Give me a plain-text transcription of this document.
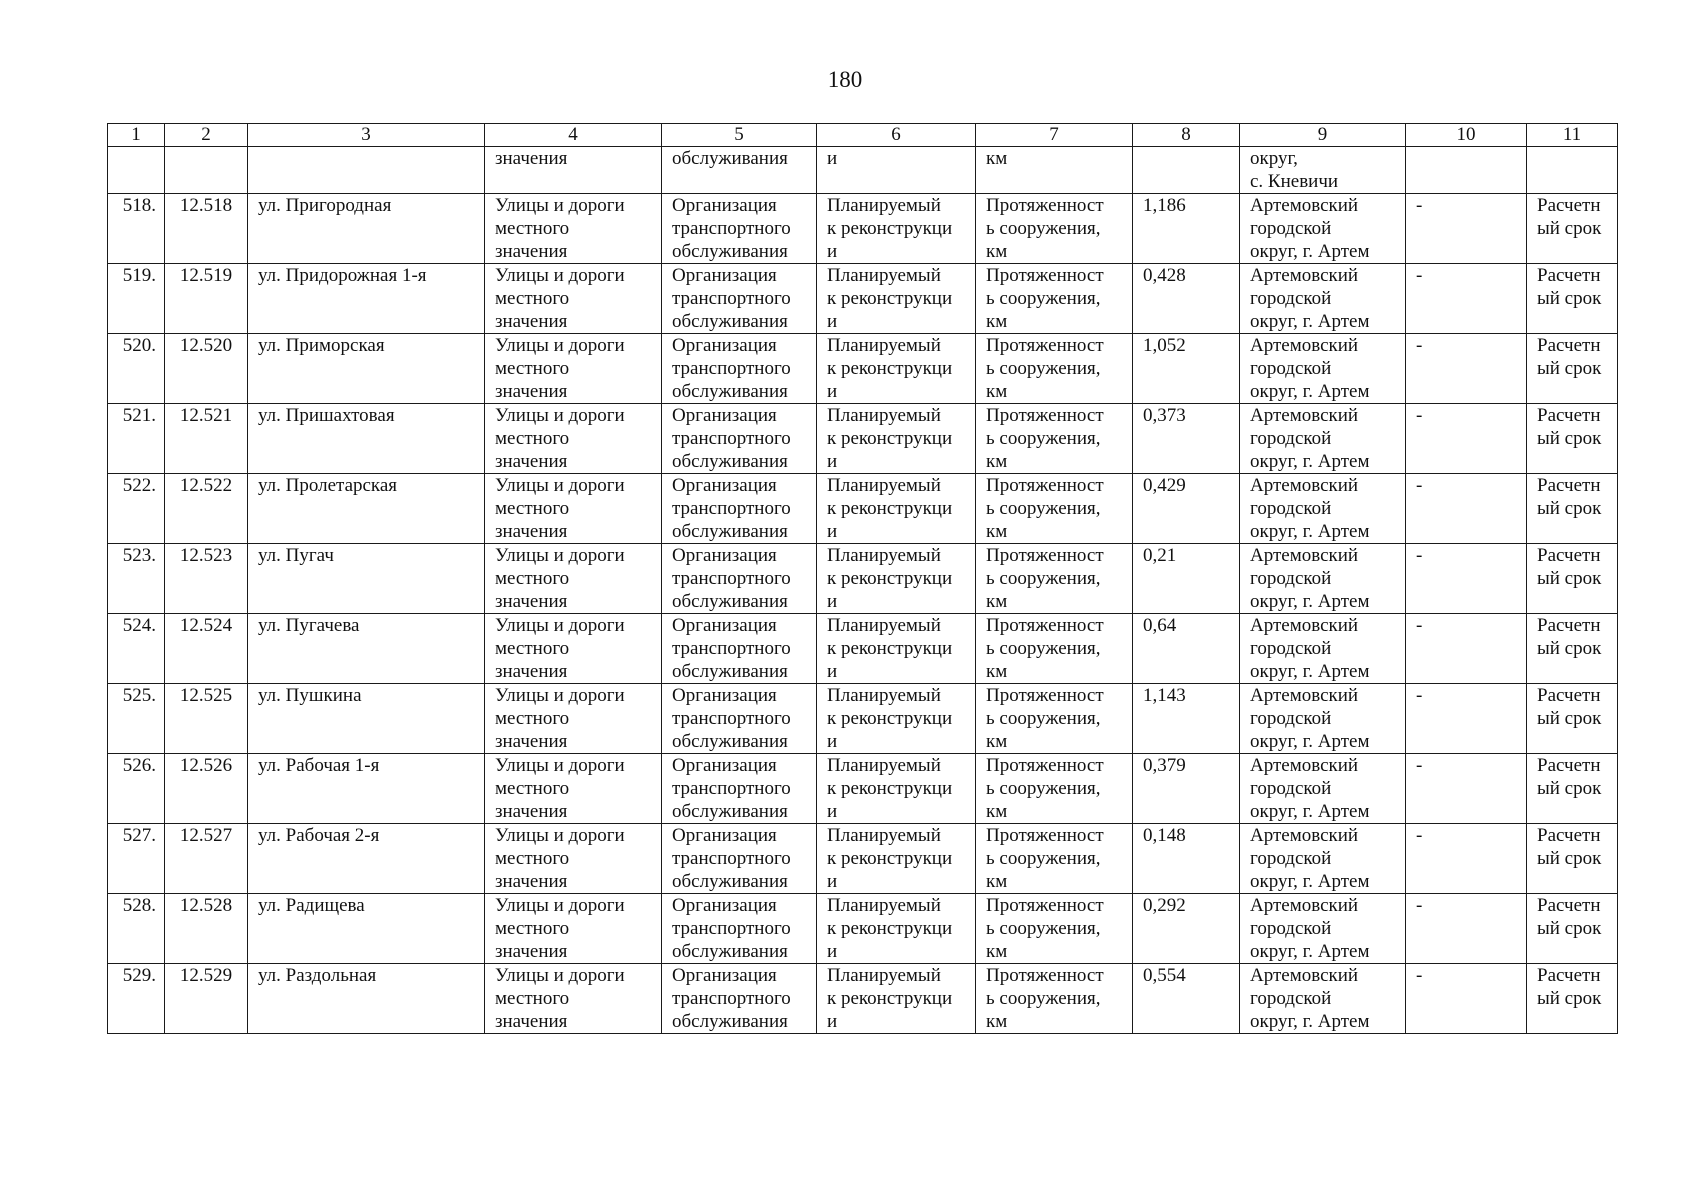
180
1	2	3	4	5	6	7	8	9	10	11
			значения	обслуживания	и	км		округ,
с. Кневичи		
518.	12.518	ул. Пригородная	Улицы и дороги
местного
значения	Организация
транспортного
обслуживания	Планируемый
к реконструкци
и	Протяженност
ь сооружения,
км	1,186	Артемовский
городской
округ, г. Артем	-	Расчетн
ый срок
519.	12.519	ул. Придорожная 1-я	Улицы и дороги
местного
значения	Организация
транспортного
обслуживания	Планируемый
к реконструкци
и	Протяженност
ь сооружения,
км	0,428	Артемовский
городской
округ, г. Артем	-	Расчетн
ый срок
520.	12.520	ул. Приморская	Улицы и дороги
местного
значения	Организация
транспортного
обслуживания	Планируемый
к реконструкци
и	Протяженност
ь сооружения,
км	1,052	Артемовский
городской
округ, г. Артем	-	Расчетн
ый срок
521.	12.521	ул. Пришахтовая	Улицы и дороги
местного
значения	Организация
транспортного
обслуживания	Планируемый
к реконструкци
и	Протяженност
ь сооружения,
км	0,373	Артемовский
городской
округ, г. Артем	-	Расчетн
ый срок
522.	12.522	ул. Пролетарская	Улицы и дороги
местного
значения	Организация
транспортного
обслуживания	Планируемый
к реконструкци
и	Протяженност
ь сооружения,
км	0,429	Артемовский
городской
округ, г. Артем	-	Расчетн
ый срок
523.	12.523	ул. Пугач	Улицы и дороги
местного
значения	Организация
транспортного
обслуживания	Планируемый
к реконструкци
и	Протяженност
ь сооружения,
км	0,21	Артемовский
городской
округ, г. Артем	-	Расчетн
ый срок
524.	12.524	ул. Пугачева	Улицы и дороги
местного
значения	Организация
транспортного
обслуживания	Планируемый
к реконструкци
и	Протяженност
ь сооружения,
км	0,64	Артемовский
городской
округ, г. Артем	-	Расчетн
ый срок
525.	12.525	ул. Пушкина	Улицы и дороги
местного
значения	Организация
транспортного
обслуживания	Планируемый
к реконструкци
и	Протяженност
ь сооружения,
км	1,143	Артемовский
городской
округ, г. Артем	-	Расчетн
ый срок
526.	12.526	ул. Рабочая 1-я	Улицы и дороги
местного
значения	Организация
транспортного
обслуживания	Планируемый
к реконструкци
и	Протяженност
ь сооружения,
км	0,379	Артемовский
городской
округ, г. Артем	-	Расчетн
ый срок
527.	12.527	ул. Рабочая 2-я	Улицы и дороги
местного
значения	Организация
транспортного
обслуживания	Планируемый
к реконструкци
и	Протяженност
ь сооружения,
км	0,148	Артемовский
городской
округ, г. Артем	-	Расчетн
ый срок
528.	12.528	ул. Радищева	Улицы и дороги
местного
значения	Организация
транспортного
обслуживания	Планируемый
к реконструкци
и	Протяженност
ь сооружения,
км	0,292	Артемовский
городской
округ, г. Артем	-	Расчетн
ый срок
529.	12.529	ул. Раздольная	Улицы и дороги
местного
значения	Организация
транспортного
обслуживания	Планируемый
к реконструкци
и	Протяженност
ь сооружения,
км	0,554	Артемовский
городской
округ, г. Артем	-	Расчетн
ый срок
